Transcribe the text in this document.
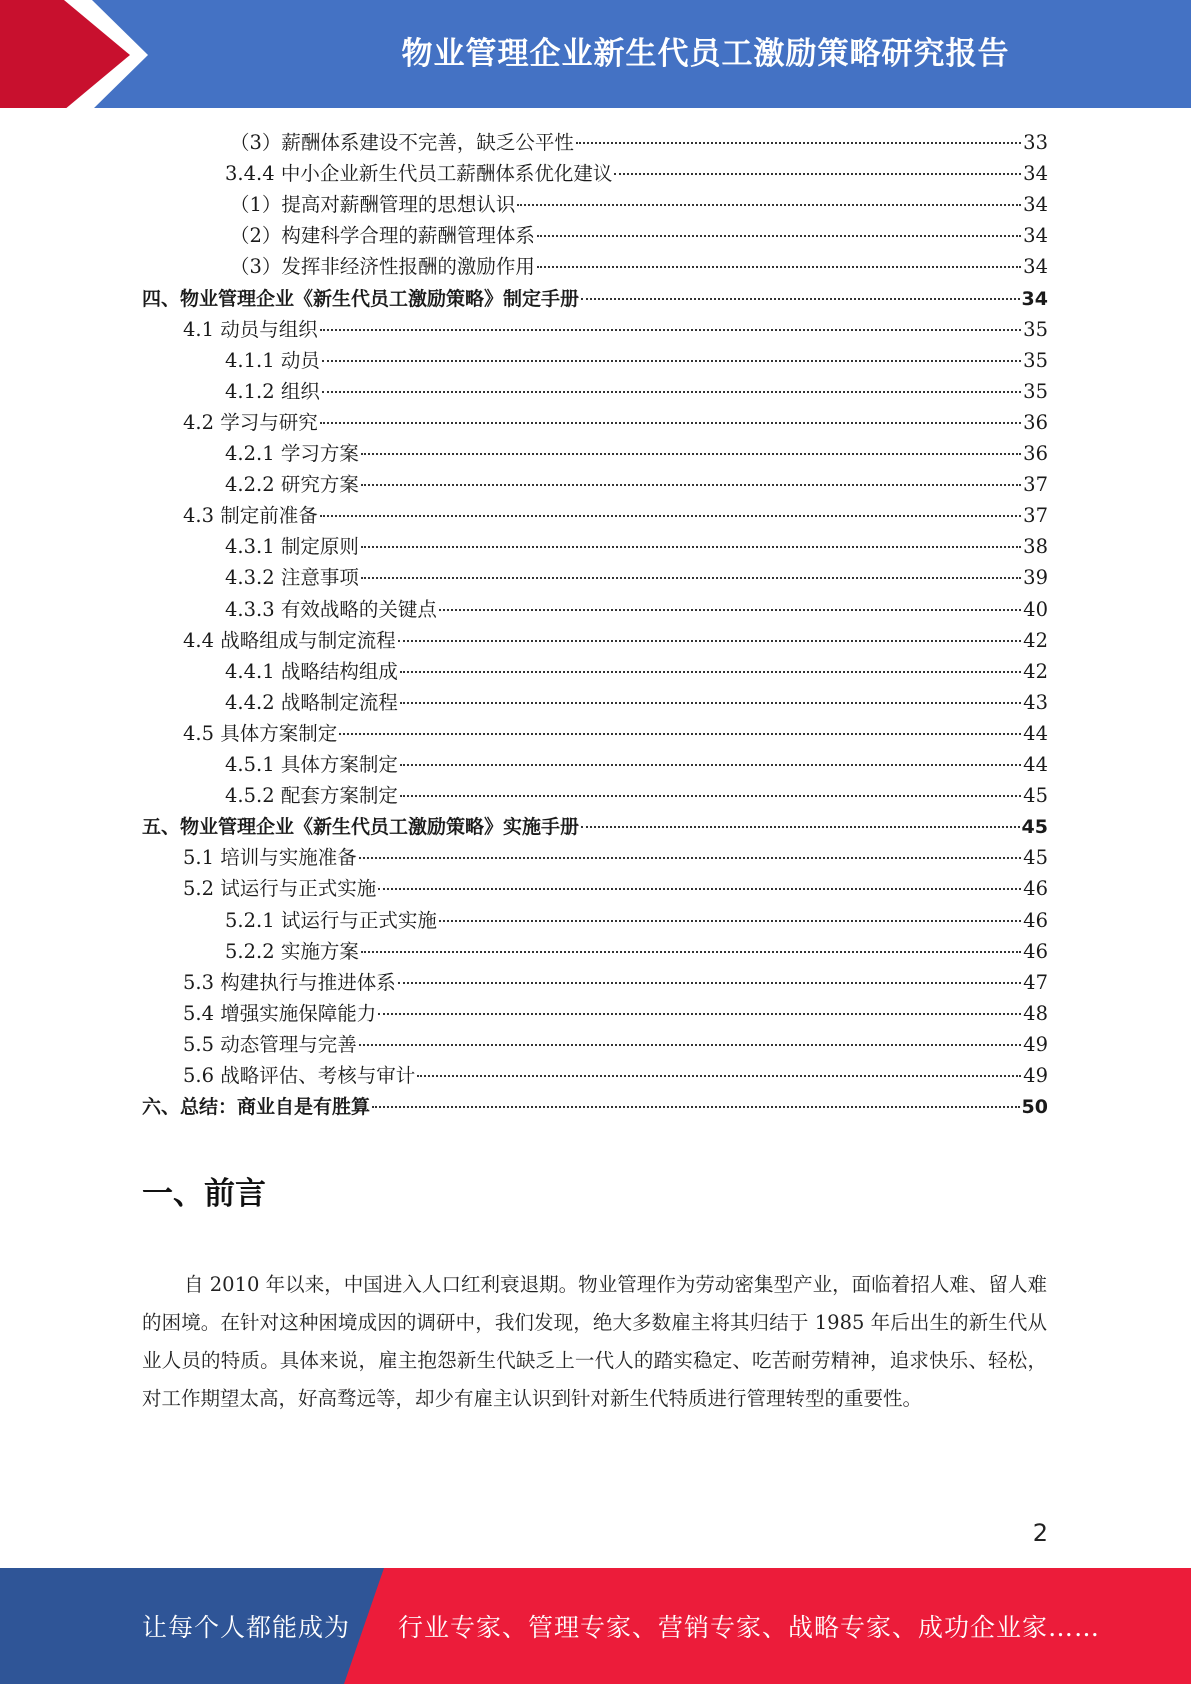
物业管理企业新生代员工激励策略研究报告
（3）薪酬体系建设不完善，缺乏公平性	33
3.4.4 中小企业新生代员工薪酬体系优化建议	34
（1）提高对薪酬管理的思想认识	34
（2）构建科学合理的薪酬管理体系	34
（3）发挥非经济性报酬的激励作用	34
四、物业管理企业《新生代员工激励策略》制定手册	34
4.1 动员与组织	35
4.1.1 动员	35
4.1.2 组织	35
4.2 学习与研究	36
4.2.1 学习方案	36
4.2.2 研究方案	37
4.3 制定前准备	37
4.3.1 制定原则	38
4.3.2 注意事项	39
4.3.3 有效战略的关键点	40
4.4 战略组成与制定流程	42
4.4.1 战略结构组成	42
4.4.2 战略制定流程	43
4.5 具体方案制定	44
4.5.1 具体方案制定	44
4.5.2 配套方案制定	45
五、物业管理企业《新生代员工激励策略》实施手册	45
5.1 培训与实施准备	45
5.2 试运行与正式实施	46
5.2.1 试运行与正式实施	46
5.2.2 实施方案	46
5.3 构建执行与推进体系	47
5.4 增强实施保障能力	48
5.5 动态管理与完善	49
5.6 战略评估、考核与审计	49
六、总结：商业自是有胜算	50
一、前言
自 2010 年以来，中国进入人口红利衰退期。物业管理作为劳动密集型产业，面临着招人难、留人难的困境。在针对这种困境成因的调研中，我们发现，绝大多数雇主将其归结于 1985 年后出生的新生代从业人员的特质。具体来说，雇主抱怨新生代缺乏上一代人的踏实稳定、吃苦耐劳精神，追求快乐、轻松，对工作期望太高，好高骛远等，却少有雇主认识到针对新生代特质进行管理转型的重要性。
2
让每个人都能成为 行业专家、管理专家、营销专家、战略专家、成功企业家……
